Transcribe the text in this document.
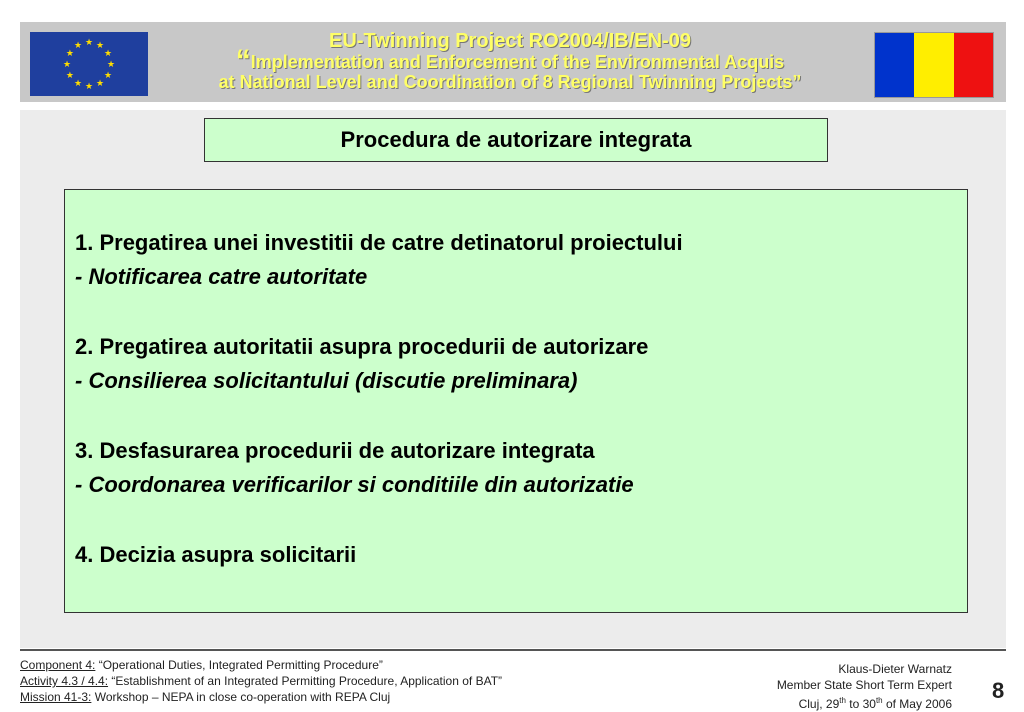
★ ★
★
★
★
★
★
★
★
★
★
★	EU-Twinning Project RO2004/IB/EN-09
“Implementation and Enforcement of the Environmental Acquis
at National Level and Coordination of 8 Regional Twinning Projects”
Procedura de autorizare integrata
1. Pregatirea unei investitii de catre detinatorul proiectului
- Notificarea catre autoritate
2. Pregatirea autoritatii asupra procedurii de autorizare
- Consilierea solicitantului (discutie preliminara)
3. Desfasurarea procedurii de autorizare integrata
- Coordonarea verificarilor si conditiile din autorizatie
4. Decizia asupra solicitarii
Component 4: “Operational Duties, Integrated Permitting Procedure”
Activity 4.3 / 4.4: “Establishment of an Integrated Permitting Procedure, Application of BAT”
Mission 41-3: Workshop – NEPA in close co-operation with REPA Cluj
Klaus-Dieter Warnatz
Member State Short Term Expert
Cluj, 29th to 30th of May 2006
8
